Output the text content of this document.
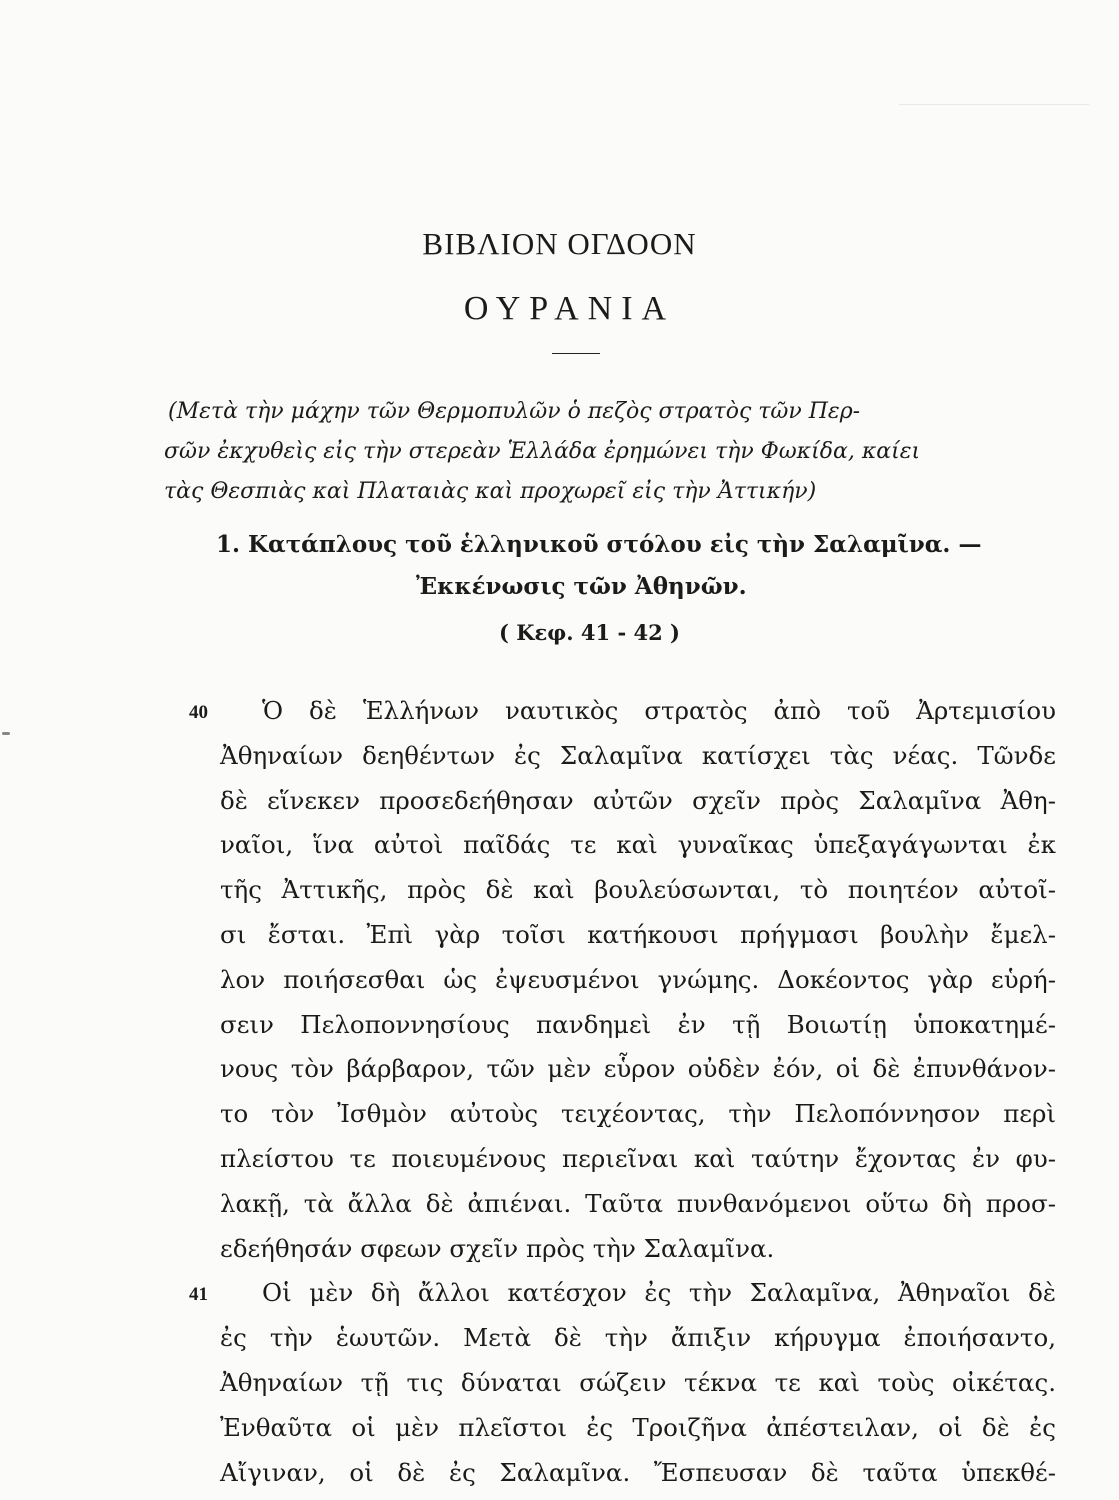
ΒΙΒΛΙΟΝ ΟΓΔΟΟΝ
ΟΥΡΑΝΙΑ
(Μετὰ τὴν μάχην τῶν Θερμοπυλῶν ὁ πεζὸς στρατὸς τῶν Περ-
σῶν ἐκχυθεὶς εἰς τὴν στερεὰν Ἑλλάδα ἐρημώνει τὴν Φωκίδα, καίει
τὰς Θεσπιὰς καὶ Πλαταιὰς καὶ προχωρεῖ εἰς τὴν Ἀττικήν)
1. Κατάπλους τοῦ ἑλληνικοῦ στόλου εἰς τὴν Σαλαμῖνα. —
Ἐκκένωσις τῶν Ἀθηνῶν.
( Κεφ. 41 - 42 )
40	Ὁ δὲ Ἑλλήνων ναυτικὸς στρατὸς ἀπὸ τοῦ Ἀρτεμισίου
Ἀθηναίων δεηθέντων ἐς Σαλαμῖνα κατίσχει τὰς νέας. Τῶνδε
δὲ εἵνεκεν προσεδεήθησαν αὐτῶν σχεῖν πρὸς Σαλαμῖνα Ἀθη-
ναῖοι, ἵνα αὐτοὶ παῖδάς τε καὶ γυναῖκας ὑπεξαγάγωνται ἐκ
τῆς Ἀττικῆς, πρὸς δὲ καὶ βουλεύσωνται, τὸ ποιητέον αὐτοῖ-
σι ἔσται. Ἐπὶ γὰρ τοῖσι κατήκουσι πρήγμασι βουλὴν ἔμελ-
λον ποιήσεσθαι ὡς ἐψευσμένοι γνώμης. Δοκέοντος γὰρ εὑρή-
σειν Πελοποννησίους πανδημεὶ ἐν τῇ Βοιωτίῃ ὑποκατημέ-
νους τὸν βάρβαρον, τῶν μὲν εὗρον οὐδὲν ἐόν, οἱ δὲ ἐπυνθάνον-
το τὸν Ἰσθμὸν αὐτοὺς τειχέοντας, τὴν Πελοπόννησον περὶ
πλείστου τε ποιευμένους περιεῖναι καὶ ταύτην ἔχοντας ἐν φυ-
λακῇ, τὰ ἄλλα δὲ ἀπιέναι. Ταῦτα πυνθανόμενοι οὕτω δὴ προσ-
εδεήθησάν σφεων σχεῖν πρὸς τὴν Σαλαμῖνα.
41	Οἱ μὲν δὴ ἄλλοι κατέσχον ἐς τὴν Σαλαμῖνα, Ἀθηναῖοι δὲ
ἐς τὴν ἑωυτῶν. Μετὰ δὲ τὴν ἄπιξιν κήρυγμα ἐποιήσαντο,
Ἀθηναίων τῇ τις δύναται σώζειν τέκνα τε καὶ τοὺς οἰκέτας.
Ἐνθαῦτα οἱ μὲν πλεῖστοι ἐς Τροιζῆνα ἀπέστειλαν, οἱ δὲ ἐς
Αἴγιναν, οἱ δὲ ἐς Σαλαμῖνα. Ἔσπευσαν δὲ ταῦτα ὑπεκθέ-
